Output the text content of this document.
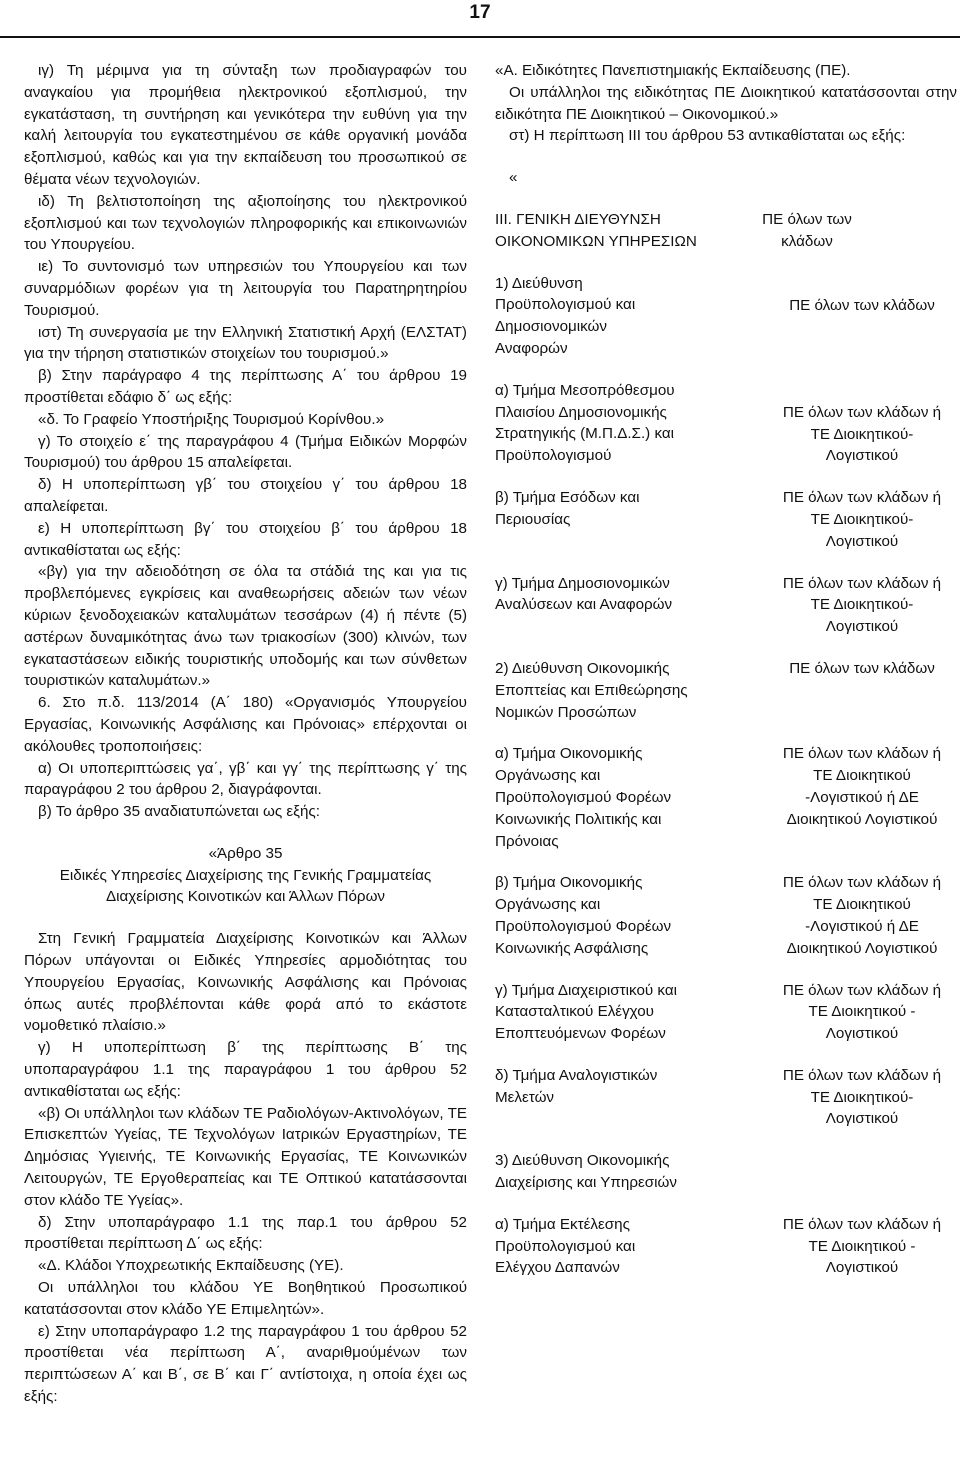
17

ιγ) Τη μέριμνα για τη σύνταξη των προδιαγραφών του αναγκαίου για προμήθεια ηλεκτρονικού εξοπλισμού, την εγκατάσταση, τη συντήρηση και γενικότερα την ευθύνη για την καλή λειτουργία του εγκατεστημένου σε κάθε οργανική μονάδα εξοπλισμού, καθώς και για την εκπαίδευση του προσωπικού σε θέματα νέων τεχνολογιών.

ιδ) Τη βελτιστοποίηση της αξιοποίησης του ηλεκτρονικού εξοπλισμού και των τεχνολογιών πληροφορικής και επικοινωνιών του Υπουργείου.

ιε) Το συντονισμό των υπηρεσιών του Υπουργείου και των συναρμόδιων φορέων για τη λειτουργία του Παρατηρητηρίου Τουρισμού.

ιστ) Τη συνεργασία με την Ελληνική Στατιστική Αρχή (ΕΛΣΤΑΤ) για την τήρηση στατιστικών στοιχείων του τουρισμού.»

β) Στην παράγραφο 4 της περίπτωσης Α΄ του άρθρου 19 προστίθεται εδάφιο δ΄ ως εξής:

«δ. Το Γραφείο Υποστήριξης Τουρισμού Κορίνθου.»

γ) Το στοιχείο ε΄ της παραγράφου 4 (Τμήμα Ειδικών Μορφών Τουρισμού) του άρθρου 15 απαλείφεται.

δ) Η υποπερίπτωση γβ΄ του στοιχείου γ΄ του άρθρου 18 απαλείφεται.

ε) Η υποπερίπτωση βγ΄ του στοιχείου β΄ του άρθρου 18 αντικαθίσταται ως εξής:

«βγ) για την αδειοδότηση σε όλα τα στάδιά της και για τις προβλεπόμενες εγκρίσεις και αναθεωρήσεις αδειών των νέων κύριων ξενοδοχειακών καταλυμάτων τεσσάρων (4) ή πέντε (5) αστέρων δυναμικότητας άνω των τριακοσίων (300) κλινών, των εγκαταστάσεων ειδικής τουριστικής υποδομής και των σύνθετων τουριστικών καταλυμάτων.»

6. Στο π.δ. 113/2014 (Α΄ 180) «Οργανισμός Υπουργείου Εργασίας, Κοινωνικής Ασφάλισης και Πρόνοιας» επέρχονται οι ακόλουθες τροποποιήσεις:

α) Οι υποπεριπτώσεις γα΄, γβ΄ και γγ΄ της περίπτωσης γ΄ της παραγράφου 2 του άρθρου 2, διαγράφονται.

β) Το άρθρο 35 αναδιατυπώνεται ως εξής:

«Άρθρο 35

Ειδικές Υπηρεσίες Διαχείρισης της Γενικής Γραμματείας Διαχείρισης Κοινοτικών και Άλλων Πόρων

Στη Γενική Γραμματεία Διαχείρισης Κοινοτικών και Άλλων Πόρων υπάγονται οι Ειδικές Υπηρεσίες αρμοδιότητας του Υπουργείου Εργασίας, Κοινωνικής Ασφάλισης και Πρόνοιας όπως αυτές προβλέπονται κάθε φορά από το εκάστοτε νομοθετικό πλαίσιο.»

γ) Η υποπερίπτωση β΄ της περίπτωσης Β΄ της υποπαραγράφου 1.1 της παραγράφου 1 του άρθρου 52 αντικαθίσταται ως εξής:

«β) Οι υπάλληλοι των κλάδων ΤΕ Ραδιολόγων-Ακτινολόγων, ΤΕ Επισκεπτών Υγείας, ΤΕ Τεχνολόγων Ιατρικών Εργαστηρίων, ΤΕ Δημόσιας Υγιεινής, ΤΕ Κοινωνικής Εργασίας, ΤΕ Κοινωνικών Λειτουργών, ΤΕ Εργοθεραπείας και ΤΕ Οπτικού κατατάσσονται στον κλάδο ΤΕ Υγείας».

δ) Στην υποπαράγραφο 1.1 της παρ.1 του άρθρου 52 προστίθεται περίπτωση Δ΄ ως εξής:

«Δ. Κλάδοι Υποχρεωτικής Εκπαίδευσης (ΥΕ).

Οι υπάλληλοι του κλάδου ΥΕ Βοηθητικού Προσωπικού κατατάσσονται στον κλάδο ΥΕ Επιμελητών».

ε) Στην υποπαράγραφο 1.2 της παραγράφου 1 του άρθρου 52 προστίθεται νέα περίπτωση Α΄, αναριθμούμένων των περιπτώσεων Α΄ και Β΄, σε Β΄ και Γ΄ αντίστοιχα, η οποία έχει ως εξής:

«Α. Ειδικότητες Πανεπιστημιακής Εκπαίδευσης (ΠΕ).

Οι υπάλληλοι της ειδικότητας ΠΕ Διοικητικού κατατάσσονται στην ειδικότητα ΠΕ Διοικητικού – Οικονομικού.»

στ) Η περίπτωση ΙΙΙ του άρθρου 53 αντικαθίσταται ως εξής:

«

ΙΙΙ. ΓΕΝΙΚΗ ΔΙΕΥΘΥΝΣΗ ΟΙΚΟΝΟΜΙΚΩΝ ΥΠΗΡΕΣΙΩΝ
ΠΕ όλων των κλάδων
1) Διεύθυνση Προϋπολογισμού και Δημοσιονομικών Αναφορών
ΠΕ όλων των κλάδων
α) Τμήμα Μεσοπρόθεσμου Πλαισίου Δημοσιονομικής Στρατηγικής (Μ.Π.Δ.Σ.) και Προϋπολογισμού
ΠΕ όλων των κλάδων ή ΤΕ Διοικητικού-Λογιστικού
β) Τμήμα Εσόδων και Περιουσίας
ΠΕ όλων των κλάδων ή ΤΕ Διοικητικού-Λογιστικού
γ) Τμήμα Δημοσιονομικών Αναλύσεων και Αναφορών
ΠΕ όλων των κλάδων ή ΤΕ Διοικητικού-Λογιστικού
2) Διεύθυνση Οικονομικής Εποπτείας και Επιθεώρησης Νομικών Προσώπων
ΠΕ όλων των κλάδων
α) Τμήμα Οικονομικής Οργάνωσης και Προϋπολογισμού Φορέων Κοινωνικής Πολιτικής και Πρόνοιας
ΠΕ όλων των κλάδων ή ΤΕ Διοικητικού -Λογιστικού ή ΔΕ Διοικητικού Λογιστικού
β) Τμήμα Οικονομικής Οργάνωσης και Προϋπολογισμού Φορέων Κοινωνικής Ασφάλισης
ΠΕ όλων των κλάδων ή ΤΕ Διοικητικού -Λογιστικού ή ΔΕ Διοικητικού Λογιστικού
γ) Τμήμα Διαχειριστικού και Κατασταλτικού Ελέγχου Εποπτευόμενων Φορέων
ΠΕ όλων των κλάδων ή ΤΕ Διοικητικού - Λογιστικού
δ) Τμήμα Αναλογιστικών Μελετών
ΠΕ όλων των κλάδων ή ΤΕ Διοικητικού-Λογιστικού
3) Διεύθυνση Οικονομικής Διαχείρισης και Υπηρεσιών
α) Τμήμα Εκτέλεσης Προϋπολογισμού και Ελέγχου Δαπανών
ΠΕ όλων των κλάδων ή ΤΕ Διοικητικού - Λογιστικού
